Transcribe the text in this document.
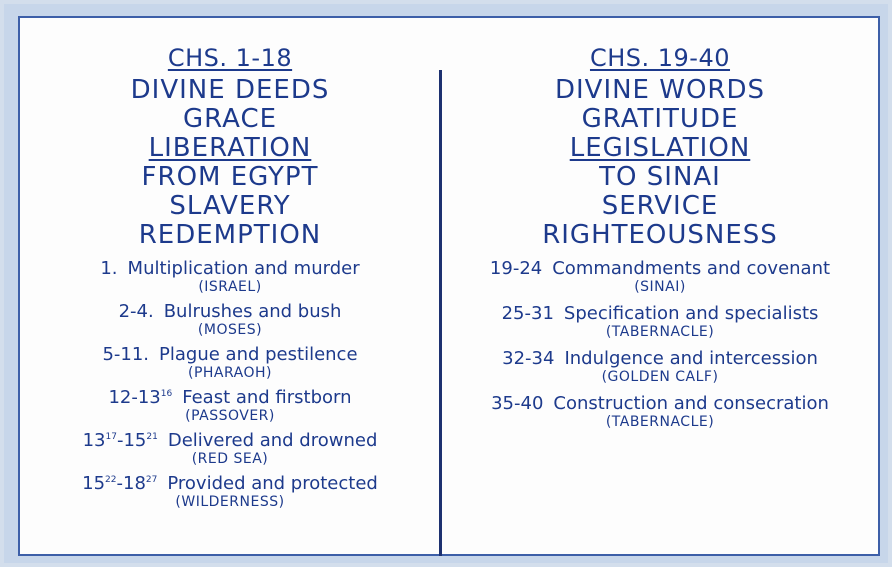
CHS. 1-18
DIVINE DEEDS
GRACE
LIBERATION
FROM EGYPT
SLAVERY
REDEMPTION
1. Multiplication and murder
(ISRAEL)
2-4. Bulrushes and bush
(MOSES)
5-11. Plague and pestilence
(PHARAOH)
$12-13^{16}$ Feast and firstborn
(PASSOVER)
$13^{17}-15^{21}$ Delivered and drowned
(RED SEA)
$15^{22}-18^{27}$ Provided and protected
(WILDERNESS)
CHS. 19-40
DIVINE WORDS
GRATITUDE
LEGISLATION
TO SINAI
SERVICE
RIGHTEOUSNESS
19-24 Commandments and covenant
(SINAI)
25-31 Specification and specialists
(TABERNACLE)
32-34 Indulgence and intercession
(GOLDEN CALF)
35-40 Construction and consecration
(TABERNACLE)
